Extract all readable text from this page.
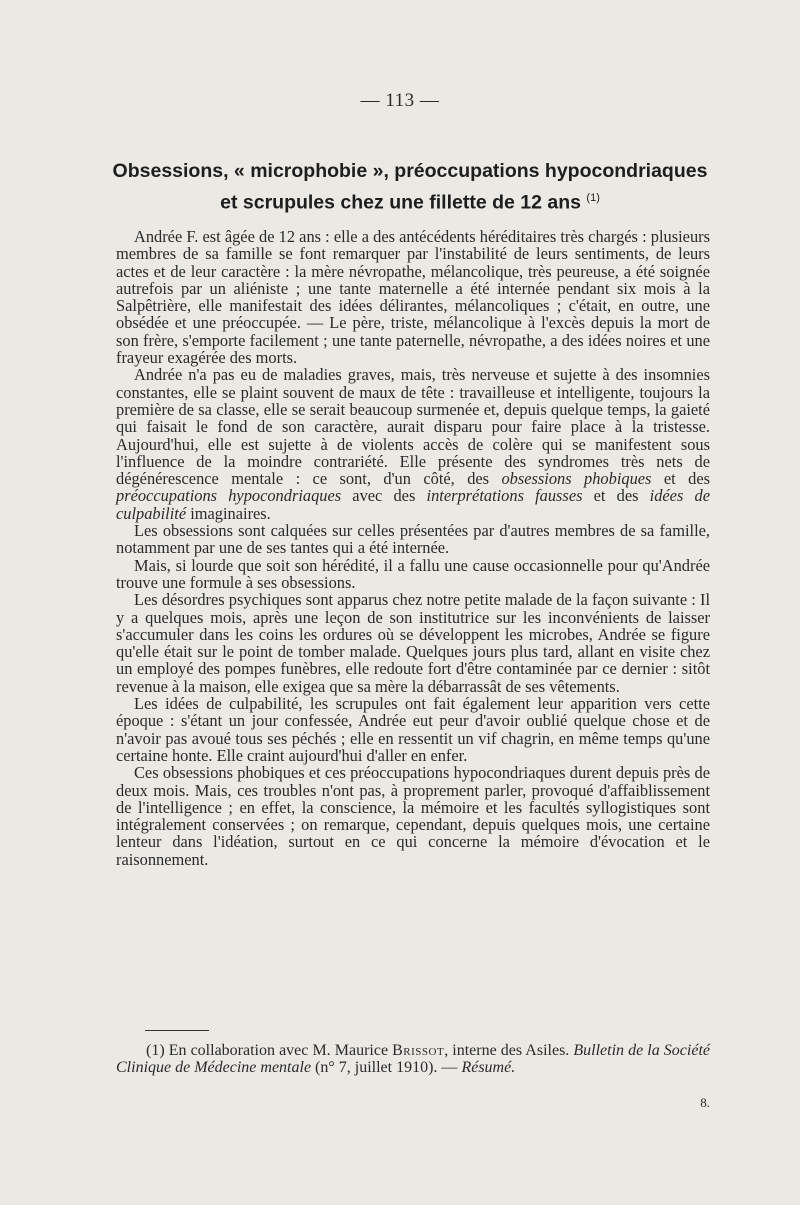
— 113 —
Obsessions, « microphobie », préoccupations hypocondriaques
et scrupules chez une fillette de 12 ans $^{(1)}$

Andrée F. est âgée de 12 ans : elle a des antécédents héréditaires très chargés : plusieurs membres de sa famille se font remarquer par l'instabilité de leurs sentiments, de leurs actes et de leur caractère : la mère névropathe, mélancolique, très peureuse, a été soignée autrefois par un aliéniste ; une tante maternelle a été internée pendant six mois à la Salpêtrière, elle manifestait des idées délirantes, mélancoliques ; c'était, en outre, une obsédée et une préoccupée. — Le père, triste, mélancolique à l'excès depuis la mort de son frère, s'emporte facilement ; une tante paternelle, névropathe, a des idées noires et une frayeur exagérée des morts.

Andrée n'a pas eu de maladies graves, mais, très nerveuse et sujette à des insomnies constantes, elle se plaint souvent de maux de tête : travailleuse et intelligente, toujours la première de sa classe, elle se serait beaucoup surmenée et, depuis quelque temps, la gaieté qui faisait le fond de son caractère, aurait disparu pour faire place à la tristesse. Aujourd'hui, elle est sujette à de violents accès de colère qui se manifestent sous l'influence de la moindre contrariété. Elle présente des syndromes très nets de dégénérescence mentale : ce sont, d'un côté, des obsessions phobiques et des préoccupations hypocondriaques avec des interprétations fausses et des idées de culpabilité imaginaires.

Les obsessions sont calquées sur celles présentées par d'autres membres de sa famille, notamment par une de ses tantes qui a été internée.

Mais, si lourde que soit son hérédité, il a fallu une cause occasionnelle pour qu'Andrée trouve une formule à ses obsessions.

Les désordres psychiques sont apparus chez notre petite malade de la façon suivante : Il y a quelques mois, après une leçon de son institutrice sur les inconvénients de laisser s'accumuler dans les coins les ordures où se développent les microbes, Andrée se figure qu'elle était sur le point de tomber malade. Quelques jours plus tard, allant en visite chez un employé des pompes funèbres, elle redoute fort d'être contaminée par ce dernier : sitôt revenue à la maison, elle exigea que sa mère la débarrassât de ses vêtements.

Les idées de culpabilité, les scrupules ont fait également leur apparition vers cette époque : s'étant un jour confessée, Andrée eut peur d'avoir oublié quelque chose et de n'avoir pas avoué tous ses péchés ; elle en ressentit un vif chagrin, en même temps qu'une certaine honte. Elle craint aujourd'hui d'aller en enfer.

Ces obsessions phobiques et ces préoccupations hypocondriaques durent depuis près de deux mois. Mais, ces troubles n'ont pas, à proprement parler, provoqué d'affaiblissement de l'intelligence ; en effet, la conscience, la mémoire et les facultés syllogistiques sont intégralement conservées ; on remarque, cependant, depuis quelques mois, une certaine lenteur dans l'idéation, surtout en ce qui concerne la mémoire d'évocation et le raisonnement.

(1) En collaboration avec M. Maurice Brissot, interne des Asiles. Bulletin de la Société Clinique de Médecine mentale (n° 7, juillet 1910). — Résumé.

8.
